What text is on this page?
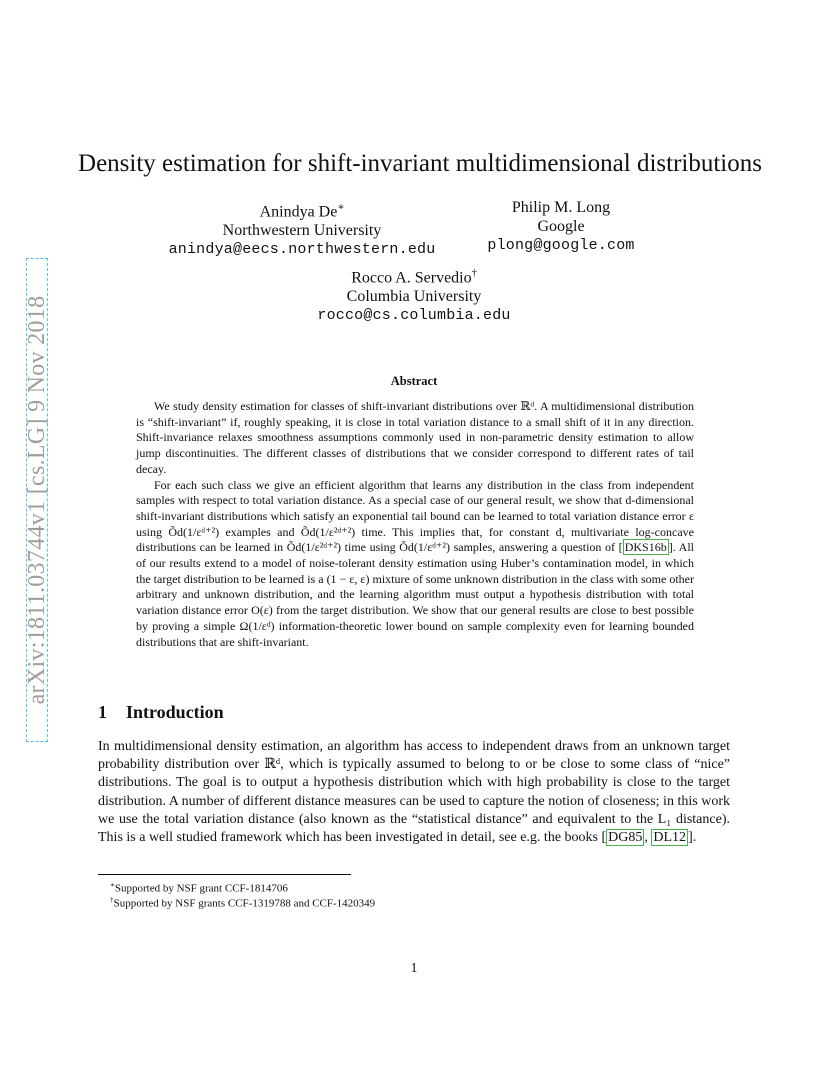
arXiv:1811.03744v1 [cs.LG] 9 Nov 2018
Density estimation for shift-invariant multidimensional distributions
Anindya De∗
Northwestern University
anindya@eecs.northwestern.edu
Philip M. Long
Google
plong@google.com
Rocco A. Servedio†
Columbia University
rocco@cs.columbia.edu
Abstract

We study density estimation for classes of shift-invariant distributions over ℝᵈ. A multidimensional distribution is “shift-invariant” if, roughly speaking, it is close in total variation distance to a small shift of it in any direction. Shift-invariance relaxes smoothness assumptions commonly used in non-parametric density estimation to allow jump discontinuities. The different classes of distributions that we consider correspond to different rates of tail decay.

For each such class we give an efficient algorithm that learns any distribution in the class from independent samples with respect to total variation distance. As a special case of our general result, we show that d-dimensional shift-invariant distributions which satisfy an exponential tail bound can be learned to total variation distance error ε using Õd(1/εᵈ⁺²) examples and Õd(1/ε²ᵈ⁺²) time. This implies that, for constant d, multivariate log-concave distributions can be learned in Õd(1/ε²ᵈ⁺²) time using Õd(1/εᵈ⁺²) samples, answering a question of [ DKS16b ]. All of our results extend to a model of noise-tolerant density estimation using Huber’s contamination model, in which the target distribution to be learned is a (1 − ε, ε) mixture of some unknown distribution in the class with some other arbitrary and unknown distribution, and the learning algorithm must output a hypothesis distribution with total variation distance error O(ε) from the target distribution. We show that our general results are close to best possible by proving a simple Ω(1/εᵈ) information-theoretic lower bound on sample complexity even for learning bounded distributions that are shift-invariant.

1 Introduction

In multidimensional density estimation, an algorithm has access to independent draws from an unknown target probability distribution over ℝᵈ, which is typically assumed to belong to or be close to some class of “nice” distributions. The goal is to output a hypothesis distribution which with high probability is close to the target distribution. A number of different distance measures can be used to capture the notion of closeness; in this work we use the total variation distance (also known as the “statistical distance” and equivalent to the L₁ distance). This is a well studied framework which has been investigated in detail, see e.g. the books [ DG85 , DL12 ].

∗Supported by NSF grant CCF-1814706
†Supported by NSF grants CCF-1319788 and CCF-1420349
1
